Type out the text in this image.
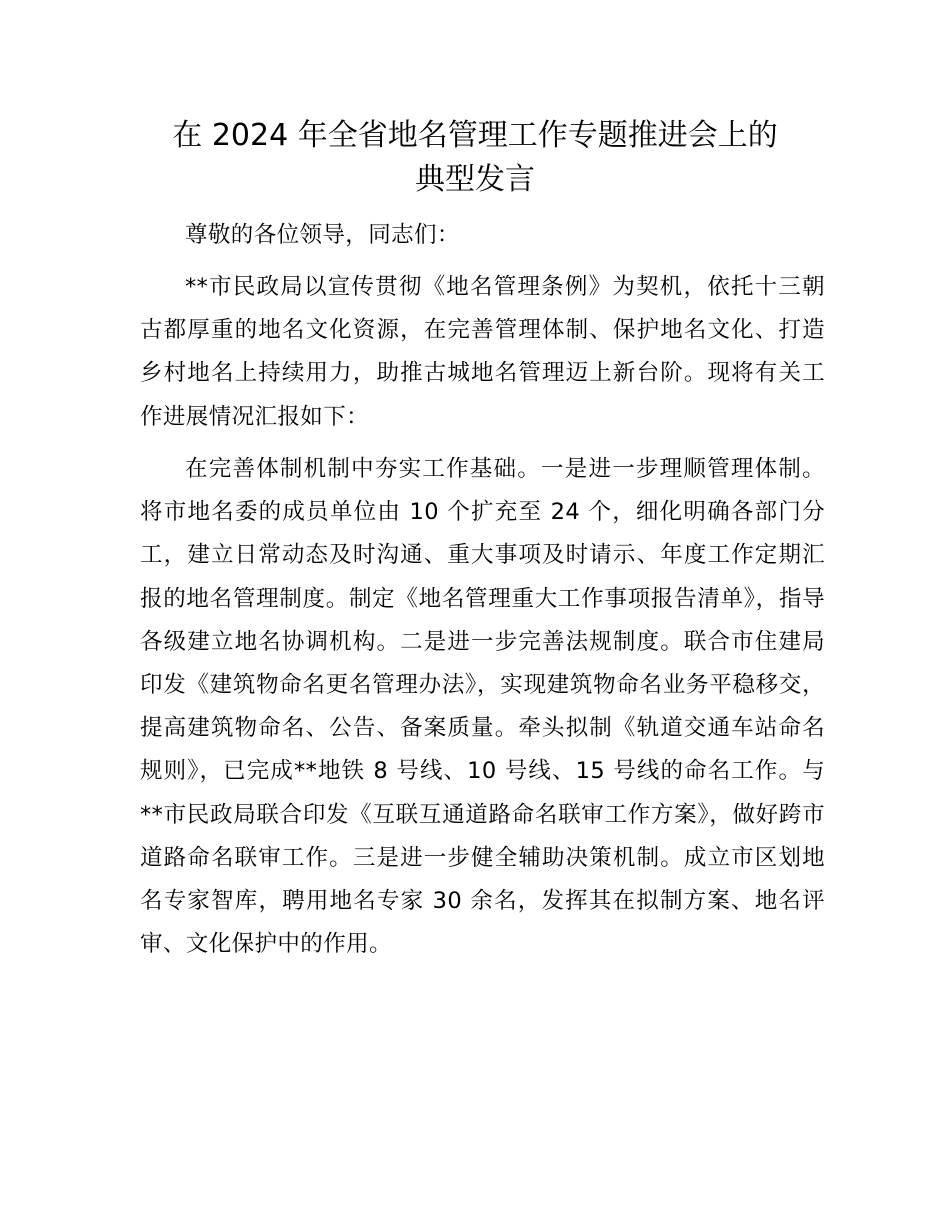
在 2024 年全省地名管理工作专题推进会上的
典型发言

尊敬的各位领导，同志们：

**市民政局以宣传贯彻《地名管理条例》为契机，依托十三朝古都厚重的地名文化资源，在完善管理体制、保护地名文化、打造乡村地名上持续用力，助推古城地名管理迈上新台阶。现将有关工作进展情况汇报如下：

在完善体制机制中夯实工作基础。一是进一步理顺管理体制。将市地名委的成员单位由 10 个扩充至 24 个，细化明确各部门分工，建立日常动态及时沟通、重大事项及时请示、年度工作定期汇报的地名管理制度。制定《地名管理重大工作事项报告清单》，指导各级建立地名协调机构。二是进一步完善法规制度。联合市住建局印发《建筑物命名更名管理办法》，实现建筑物命名业务平稳移交，提高建筑物命名、公告、备案质量。牵头拟制《轨道交通车站命名规则》，已完成**地铁 8 号线、10 号线、15 号线的命名工作。与**市民政局联合印发《互联互通道路命名联审工作方案》，做好跨市道路命名联审工作。三是进一步健全辅助决策机制。成立市区划地名专家智库，聘用地名专家 30 余名，发挥其在拟制方案、地名评审、文化保护中的作用。
